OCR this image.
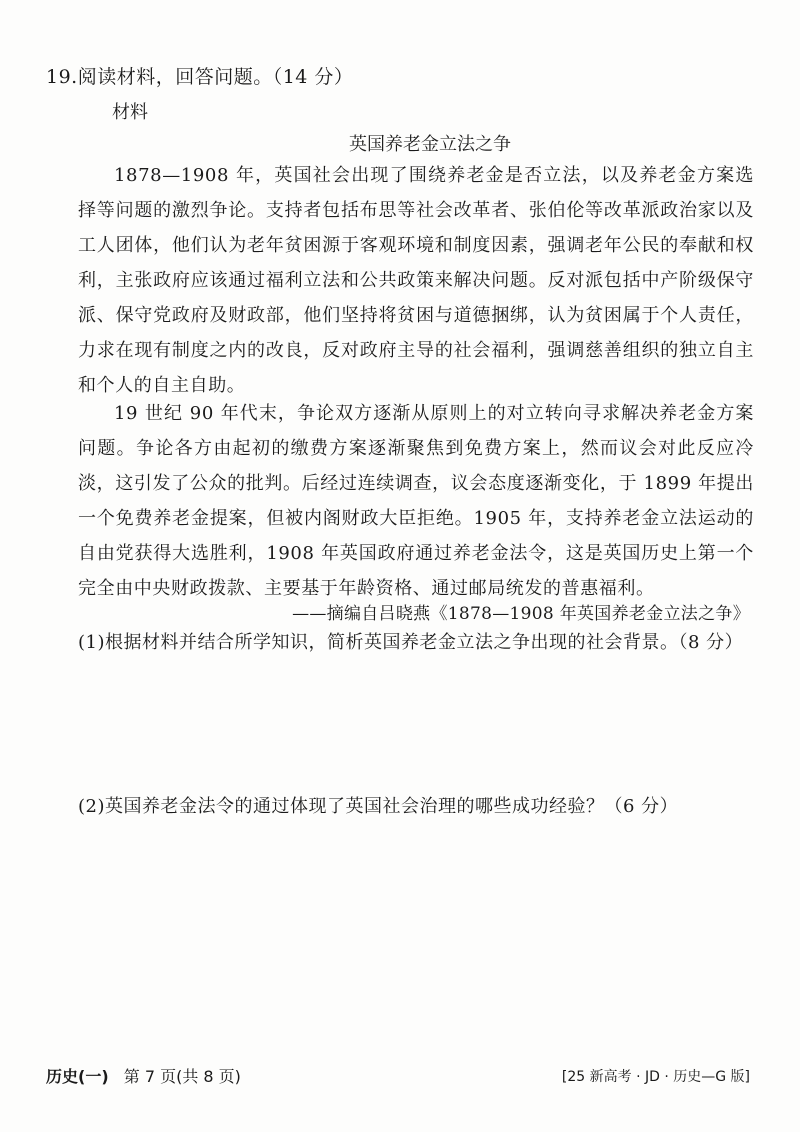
19.阅读材料，回答问题。（14 分）
材料
英国养老金立法之争

1878—1908 年，英国社会出现了围绕养老金是否立法，以及养老金方案选择等问题的激烈争论。支持者包括布思等社会改革者、张伯伦等改革派政治家以及工人团体，他们认为老年贫困源于客观环境和制度因素，强调老年公民的奉献和权利，主张政府应该通过福利立法和公共政策来解决问题。反对派包括中产阶级保守派、保守党政府及财政部，他们坚持将贫困与道德捆绑，认为贫困属于个人责任，力求在现有制度之内的改良，反对政府主导的社会福利，强调慈善组织的独立自主和个人的自主自助。

19 世纪 90 年代末，争论双方逐渐从原则上的对立转向寻求解决养老金方案问题。争论各方由起初的缴费方案逐渐聚焦到免费方案上，然而议会对此反应冷淡，这引发了公众的批判。后经过连续调查，议会态度逐渐变化，于 1899 年提出一个免费养老金提案，但被内阁财政大臣拒绝。1905 年，支持养老金立法运动的自由党获得大选胜利，1908 年英国政府通过养老金法令，这是英国历史上第一个完全由中央财政拨款、主要基于年龄资格、通过邮局统发的普惠福利。

——摘编自吕晓燕《1878—1908 年英国养老金立法之争》
(1)根据材料并结合所学知识，简析英国养老金立法之争出现的社会背景。（8 分）
(2)英国养老金法令的通过体现了英国社会治理的哪些成功经验？（6 分）
历史(一) 第 7 页(共 8 页)	[25 新高考 · JD · 历史—G 版]
